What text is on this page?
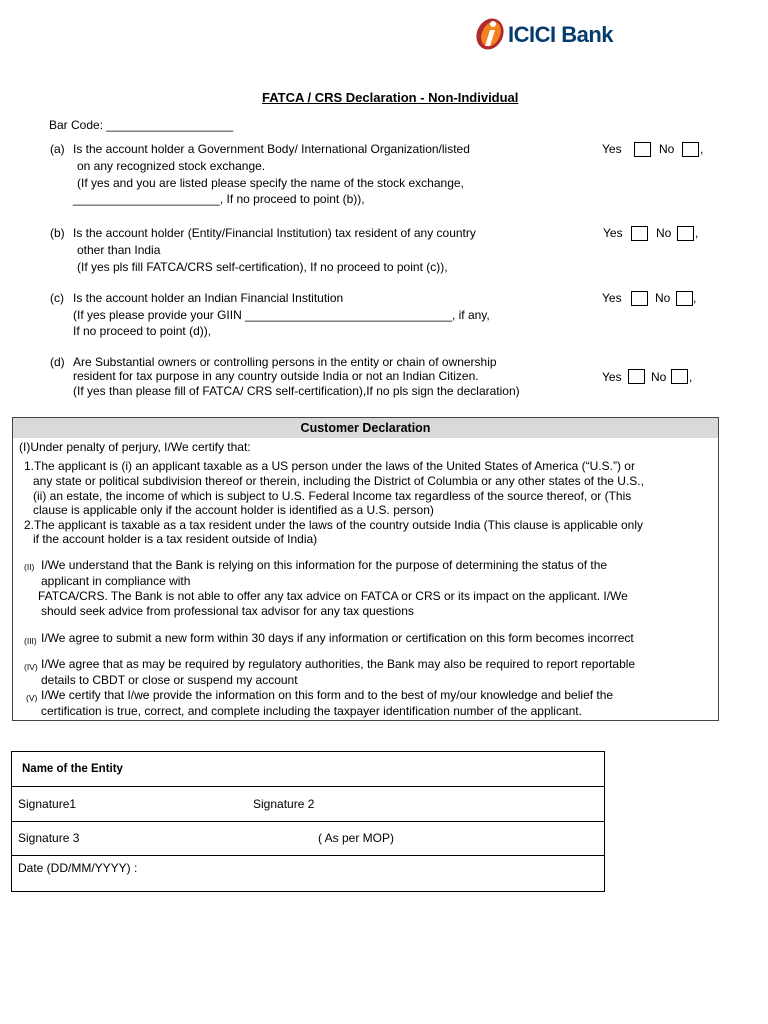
ICICI Bank
FATCA / CRS Declaration - Non-Individual
Bar Code: ___________________
(a) Is the account holder a Government Body/ International Organization/listed
on any recognized stock exchange.
(If yes and you are listed please specify the name of the stock exchange,
______________________, If no proceed to point (b)),
Yes	No ,
(b) Is the account holder (Entity/Financial Institution) tax resident of any country
other than India
(If yes pls fill FATCA/CRS self-certification), If no proceed to point (c)),
Yes	No ,
(c) Is the account holder an Indian Financial Institution
(If yes please provide your GIIN _______________________________, if any,
If no proceed to point (d)),
Yes	No ,
(d) Are Substantial owners or controlling persons in the entity or chain of ownership
resident for tax purpose in any country outside India or not an Indian Citizen.
(If yes than please fill of FATCA/ CRS self-certification),If no pls sign the declaration)
Yes No ,
Customer Declaration
(I)Under penalty of perjury, I/We certify that:
1.The applicant is (i) an applicant taxable as a US person under the laws of the United States of America (“U.S.”) or
any state or political subdivision thereof or therein, including the District of Columbia or any other states of the U.S.,
(ii) an estate, the income of which is subject to U.S. Federal Income tax regardless of the source thereof, or (This
clause is applicable only if the account holder is identified as a U.S. person)
2.The applicant is taxable as a tax resident under the laws of the country outside India (This clause is applicable only
if the account holder is a tax resident outside of India)
(II) I/We understand that the Bank is relying on this information for the purpose of determining the status of the
applicant in compliance with
FATCA/CRS. The Bank is not able to offer any tax advice on FATCA or CRS or its impact on the applicant. I/We
should seek advice from professional tax advisor for any tax questions
(III) I/We agree to submit a new form within 30 days if any information or certification on this form becomes incorrect
(IV) I/We agree that as may be required by regulatory authorities, the Bank may also be required to report reportable
details to CBDT or close or suspend my account
(V) I/We certify that I/we provide the information on this form and to the best of my/our knowledge and belief the
certification is true, correct, and complete including the taxpayer identification number of the applicant.
Name of the Entity
Signature1	Signature 2
Signature 3	( As per MOP)
Date (DD/MM/YYYY) :
